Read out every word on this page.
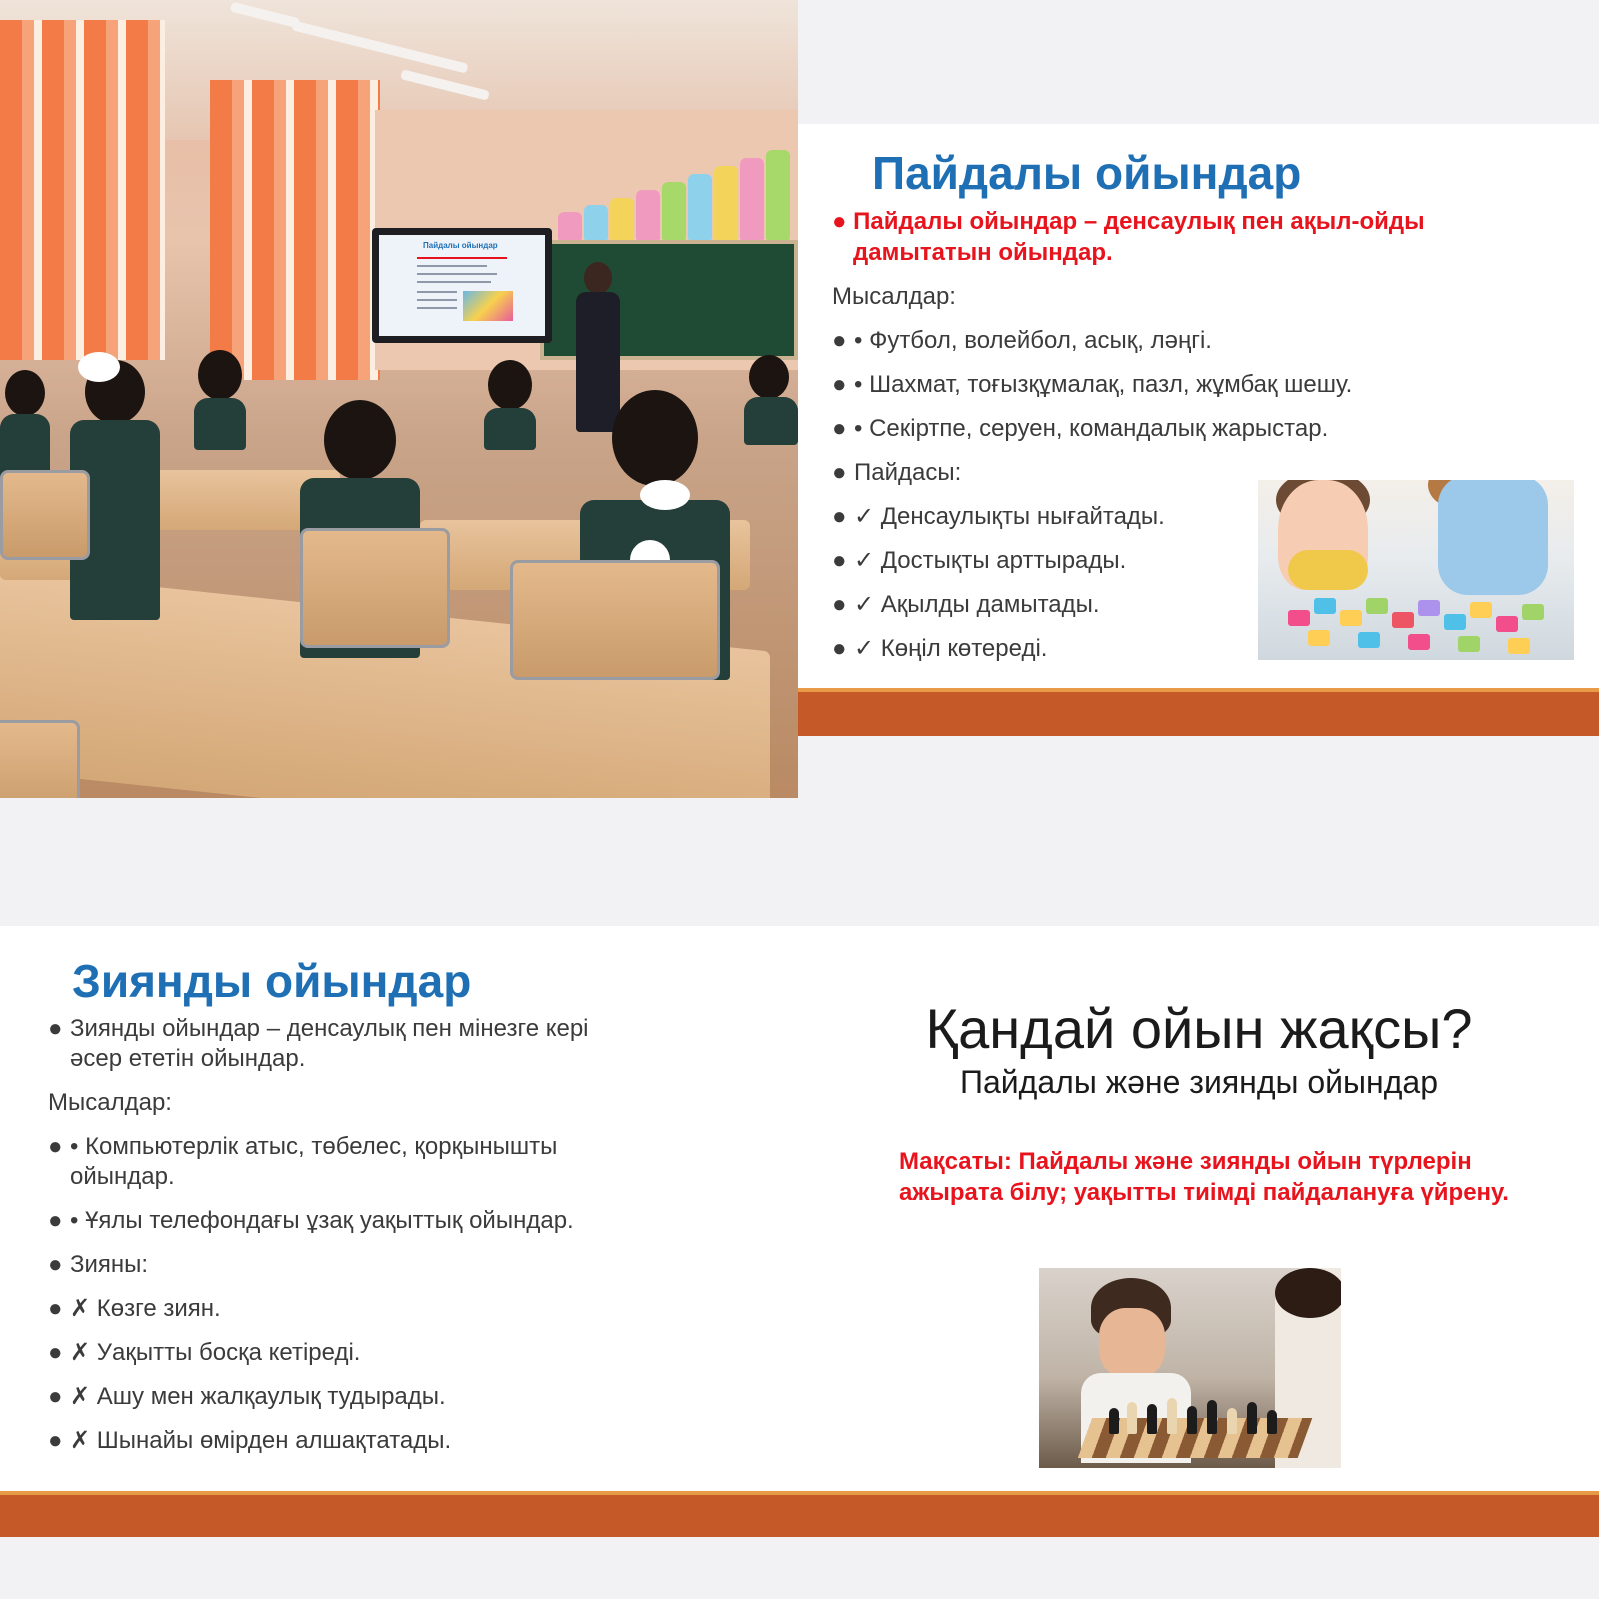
Пайдалы ойындар
Пайдалы ойындар
● Пайдалы ойындар – денсаулық пен ақыл-ойды
дамытатын ойындар.
Мысалдар:
● • Футбол, волейбол, асық, ләңгі.
● • Шахмат, тоғызқұмалақ, пазл, жұмбақ шешу.
● • Секіртпе, серуен, командалық жарыстар.
● Пайдасы:
● ✓ Денсаулықты нығайтады.
● ✓ Достықты арттырады.
● ✓ Ақылды дамытады.
● ✓ Көңіл көтереді.
Зиянды ойындар
● Зиянды ойындар – денсаулық пен мінезге кері
әсер ететін ойындар.
Мысалдар:
● • Компьютерлік атыс, төбелес, қорқынышты
ойындар.
● • Ұялы телефондағы ұзақ уақыттық ойындар.
● Зияны:
● ✗ Көзге зиян.
● ✗ Уақытты босқа кетіреді.
● ✗ Ашу мен жалқаулық тудырады.
● ✗ Шынайы өмірден алшақтатады.
Қандай ойын жақсы?
Пайдалы және зиянды ойындар
Мақсаты: Пайдалы және зиянды ойын түрлерін
ажырата білу; уақытты тиімді пайдалануға үйрену.
